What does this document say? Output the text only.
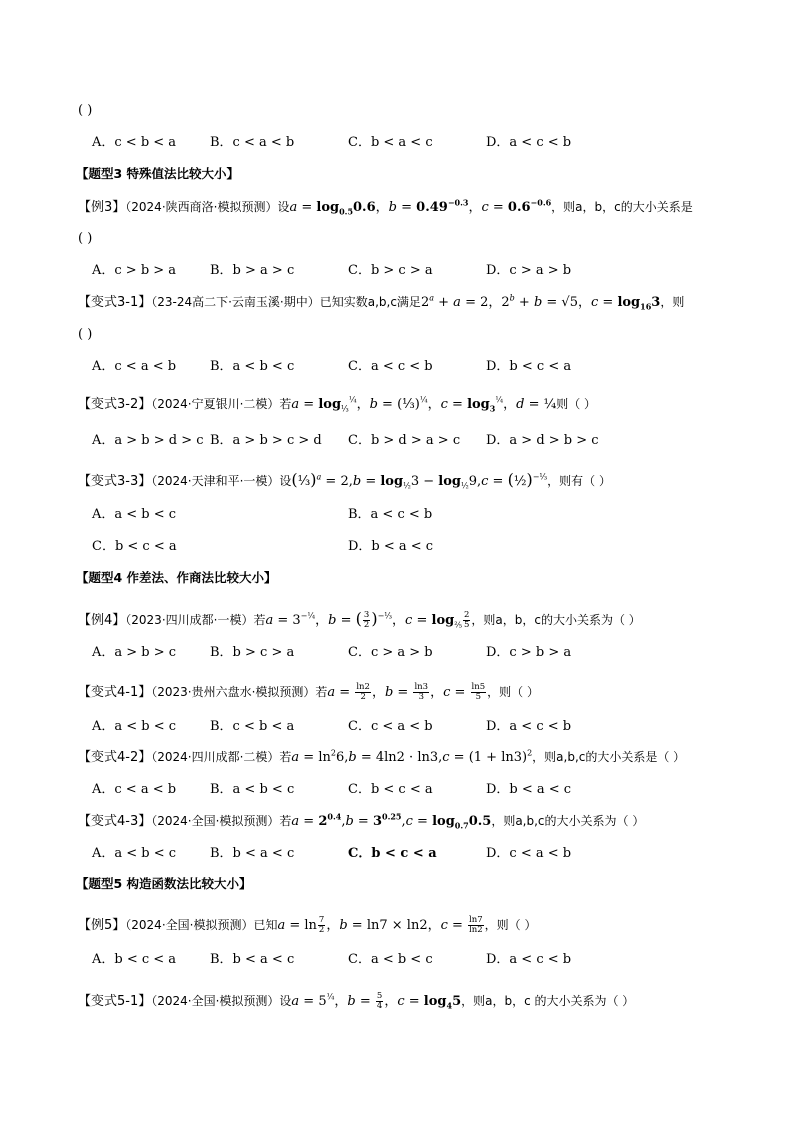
( )
A．c < b < a	B．c < a < b	C．b < a < c	D．a < c < b
【题型3 特殊值法比较大小】
【例3】（2024·陕西商洛·模拟预测）设$a = \log_{0.5}0.6$，$b = 0.49^{-0.3}$，$c = 0.6^{-0.6}$，则a，b，c的大小关系是
( )
A．c > b > a	B．b > a > c	C．b > c > a	D．c > a > b
【变式3-1】（23-24高二下·云南玉溪·期中）已知实数a,b,c满足$2^a + a = 2$，$2^b + b = √5$，$c = \log_{16}3$，则
( )
A．c < a < b	B．a < b < c	C．a < c < b	D．b < c < a
【变式3-2】（2024·宁夏银川·二模）若$a = \log_{\frac{1}{3}}^{\frac{1}{4}}$，b = (⅓)$^{\frac{1}{4}}$，$c = \log_3^{\frac{1}{4}}$，d = ¼则（ ）
A．a > b > d > c B．a > b > c > d C．b > d > a > c D．a > d > b > c
【变式3-3】（2024·天津和平·一模）设(⅓)$^a$ = $2,b = \log_{\frac{1}{2}}3 - \log_{\frac{1}{2}}9,c$ = (½)$^{-\frac{1}{3}}$，则有（ ）
A．a < b < c	B．a < c < b
C．b < c < a	D．b < a < c
【题型4 作差法、作商法比较大小】
【例4】（2023·四川成都·一模）若$a = 3^{-\frac{1}{4}}$，b = ( $\frac{3}{2} )^{-\frac{1}{3}}$，$c = \log_{\frac{2}{5}} \frac{2}{5}$ ，则a，b，c的大小关系为（ ）
A．a > b > c	B．b > c > a	C．c > a > b	D．c > b > a
【变式4-1】（2023·贵州六盘水·模拟预测）若$a = \frac{\ln 2}{2}$ ，$b = \frac{\ln 3}{3}$ ，$c = \frac{\ln 5}{5}$ ，则（ ）
A．a < b < c	B．c < b < a	C．c < a < b	D．a < c < b
【变式4-2】（2024·四川成都·二模）若$a = \ln^26,b = 4\ln 2 \cdot \ln 3,c = (1 + \ln 3)^2$，则a,b,c的大小关系是（ ）
A．c < a < b	B．a < b < c	C．b < c < a	D．b < a < c
【变式4-3】（2024·全国·模拟预测）若$a = 2^{0.4},b = 3^{0.25},c = \log_{0.7}0.5$，则a,b,c的大小关系为（ ）
A．a < b < c	B．b < a < c	C．b < c < a	D．c < a < b
【题型5 构造函数法比较大小】
【例5】（2024·全国·模拟预测）已知$a = \ln \frac{7}{2}$ ，b = ln7 × ln2，$c = \frac{\ln 7}{\ln 2}$ ，则（ ）
A．b < c < a	B．b < a < c	C．a < b < c	D．a < c < b
【变式5-1】（2024·全国·模拟预测）设$a = 5^{\frac{1}{4}}$，$b = \frac{5}{4}$ ，$c = \log_45$，则a，b，c 的大小关系为（ ）
